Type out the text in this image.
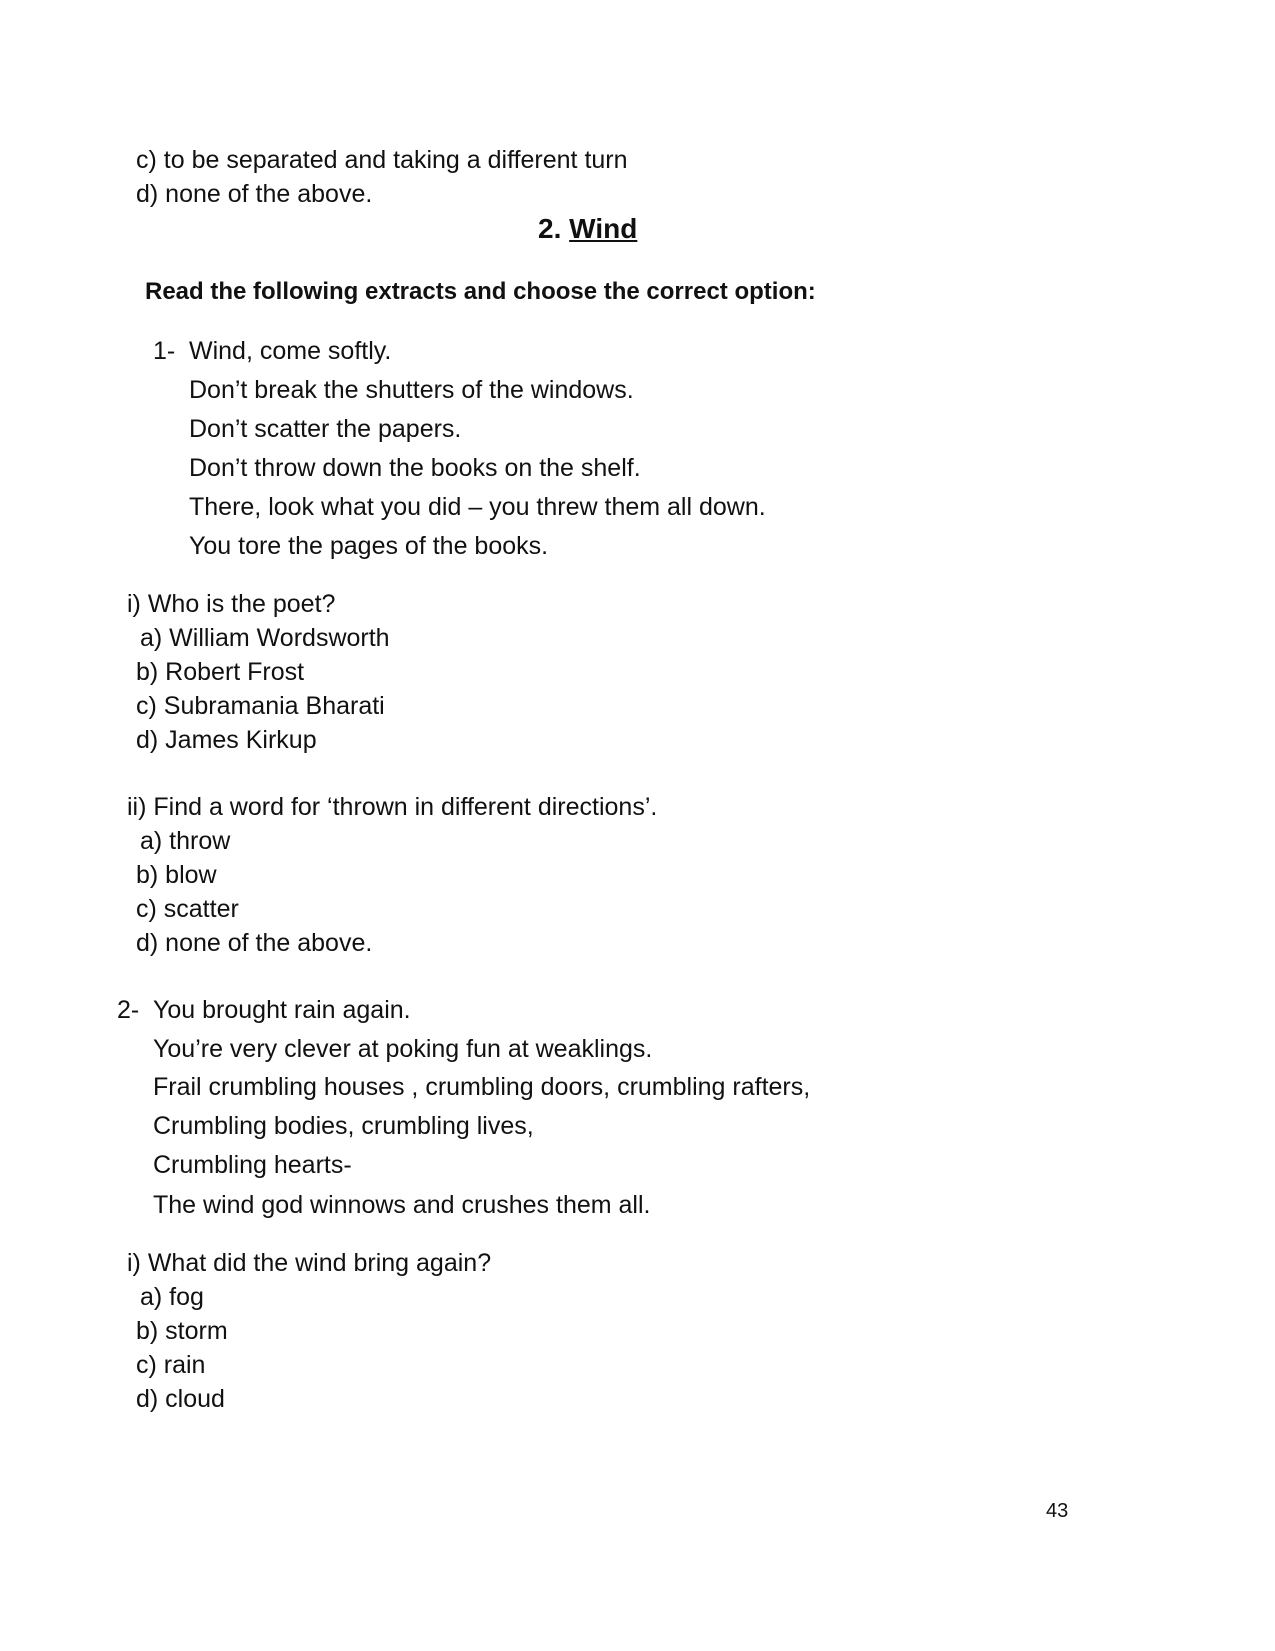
c) to be separated and taking a different turn
d) none of the above.
2. Wind
Read the following extracts and choose the correct option:
1- Wind, come softly.
Don’t break the shutters of the windows.
Don’t scatter the papers.
Don’t throw down the books on the shelf.
There, look what you did – you threw them all down.
You tore the pages of the books.
i) Who is the poet?
a) William Wordsworth
b) Robert Frost
c) Subramania Bharati
d) James Kirkup
ii) Find a word for ‘thrown in different directions’.
a) throw
b) blow
c) scatter
d) none of the above.
2- You brought rain again.
You’re very clever at poking fun at weaklings.
Frail crumbling houses , crumbling doors, crumbling rafters,
Crumbling bodies, crumbling lives,
Crumbling hearts-
The wind god winnows and crushes them all.
i) What did the wind bring again?
a) fog
b) storm
c) rain
d) cloud
43
